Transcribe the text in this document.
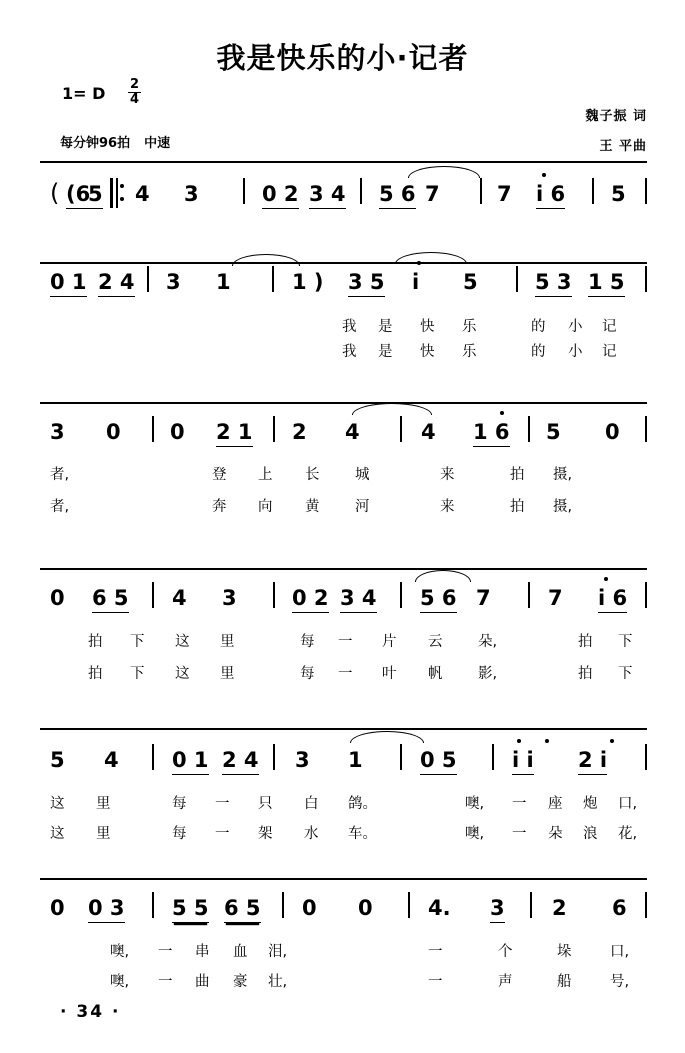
我是快乐的小·记者
1= D $\frac{2}{4}$
每分钟96拍 中速
魏子振 词
王 平曲
( (6
5 4 3	0 2 3 4 5 6 7	7 i 6 5
0 1 2 4 3 1	1 ) 3 5 i 5	5 3 1 5
我 是 快 乐	的 小 记
我 是 快 乐	的 小 记
3 0 0 2 1 2 4	4 1 6 5 0
者,	登 上 长 城	来	拍 摄,
者,	奔 向 黄 河	来	拍 摄,
0 6 5 4 3	0 2 3 4 5 6 7	7 i 6
拍 下 这 里	每 一 片 云 朵,	拍 下
拍 下 这 里	每 一 叶 帆 影,	拍 下
5 4	0 1 2 4 3 1	0 5	i i 2 i
这 里	每 一 只 白 鸽。	噢, 一 座 炮 口,
这 里	每 一 架 水 车。	噢, 一 朵 浪 花,
0 0 3 5 5 6 5 0 0	4. 3 2 6
噢, 一 串 血 泪,	一	个	垛	口,
噢, 一 曲 豪 壮,	一	声	船	号,
· 34 ·
